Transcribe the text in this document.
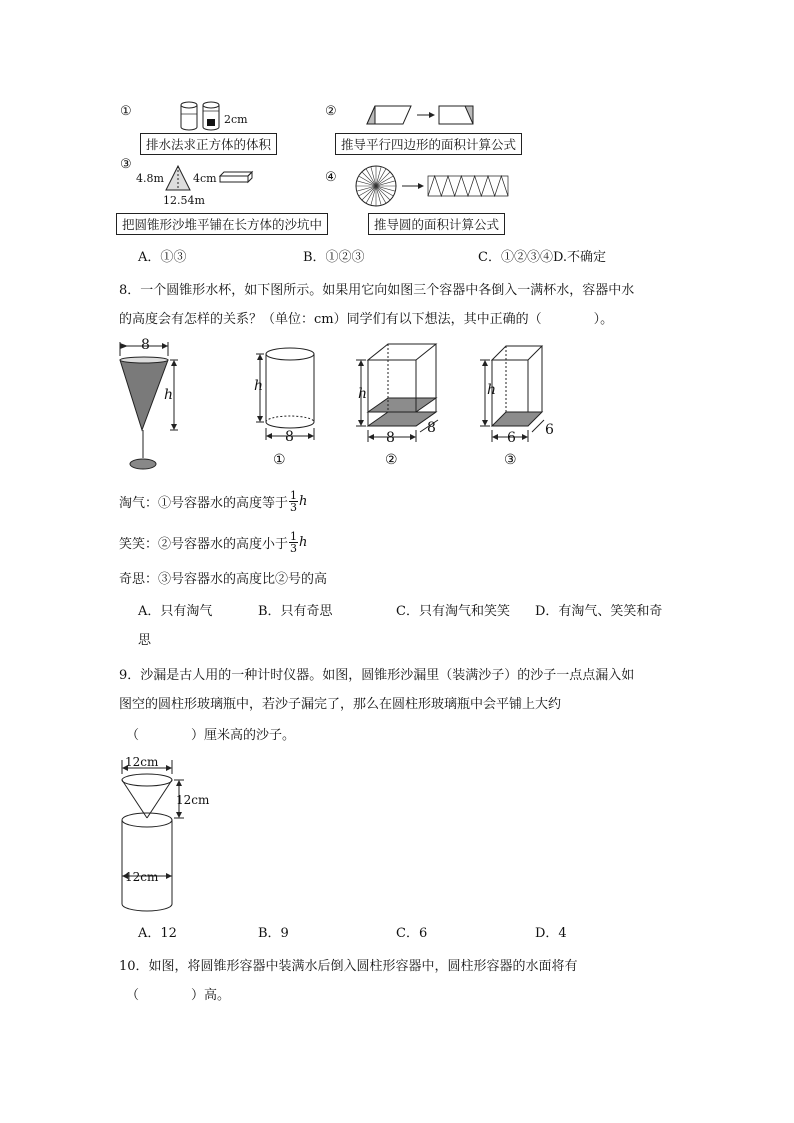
①
2cm
排水法求正方体的体积
②
推导平行四边形的面积计算公式
③
4.8m	4cm
12.54m
把圆锥形沙堆平铺在长方体的沙坑中
④
推导圆的面积计算公式
A．①③	B．①②③	C．①②③④D.不确定
8．一个圆锥形水杯，如下图所示。如果用它向如图三个容器中各倒入一满杯水，容器中水
的高度会有怎样的关系？（单位：cm）同学们有以下想法，其中正确的（　　　　）。
8
h
h
8
①
h
8
8
②
h
6 6
③
淘气：①号容器水的高度等于 $\frac{1}{3}$ h
笑笑：②号容器水的高度小于 $\frac{1}{3}$ h
奇思：③号容器水的高度比②号的高
A．只有淘气	B．只有奇思	C．只有淘气和笑笑 D．有淘气、笑笑和奇
思
9．沙漏是古人用的一种计时仪器。如图，圆锥形沙漏里（装满沙子）的沙子一点点漏入如
图空的圆柱形玻璃瓶中，若沙子漏完了，那么在圆柱形玻璃瓶中会平铺上大约
（　　　　）厘米高的沙子。
12cm
12cm
12cm
A．12	B．9	C．6	D．4
10．如图，将圆锥形容器中装满水后倒入圆柱形容器中，圆柱形容器的水面将有
（　　　　）高。
